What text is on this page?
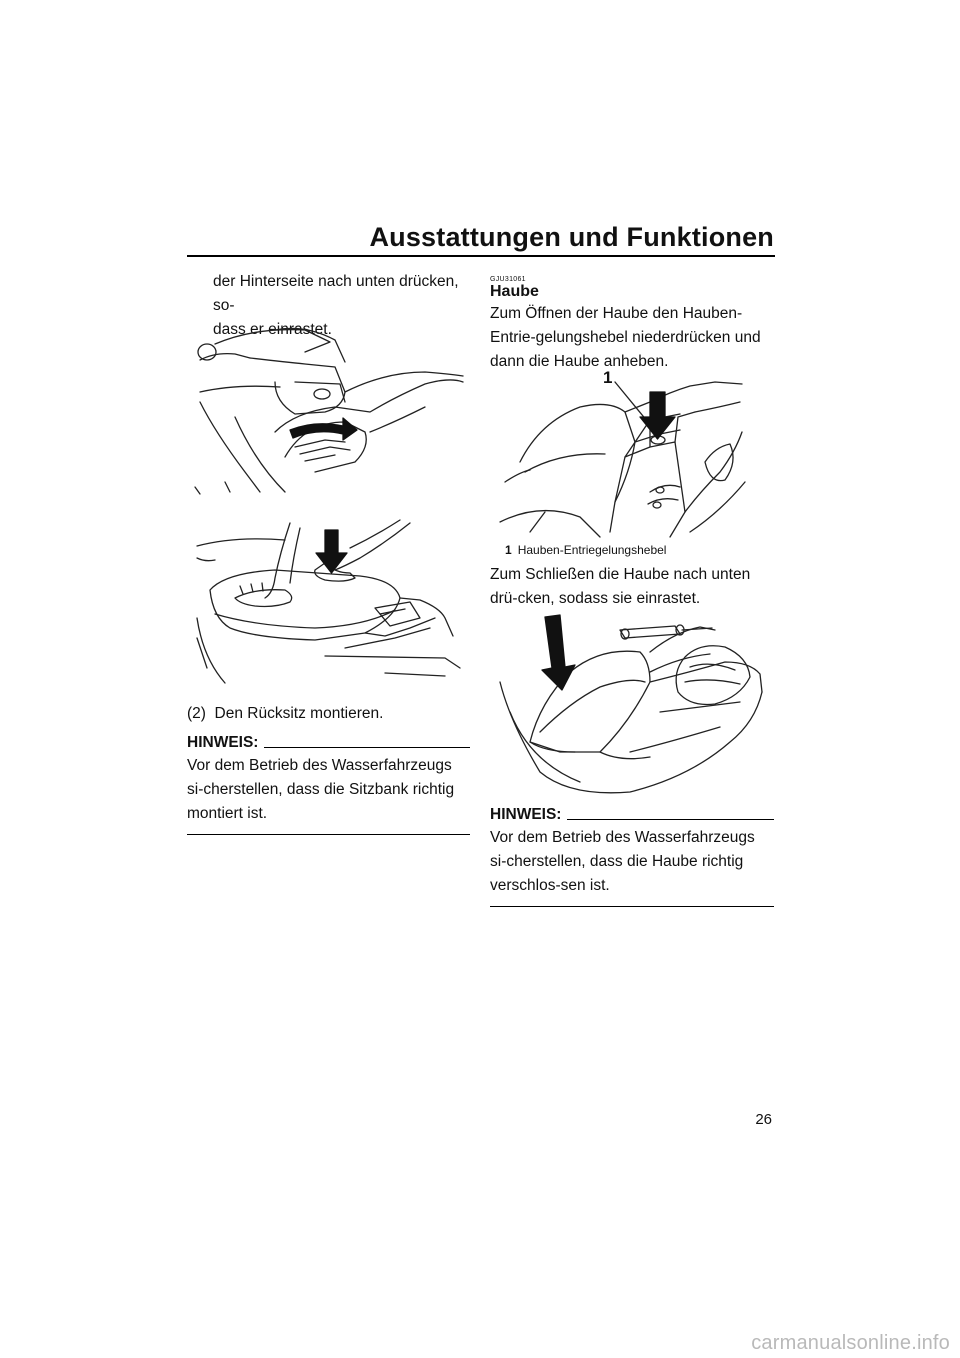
Ausstattungen und Funktionen
der Hinterseite nach unten drücken, so-
dass er einrastet.
(2)  Den Rücksitz montieren.
HINWEIS:
Vor dem Betrieb des Wasserfahrzeugs si-cherstellen, dass die Sitzbank richtig montiert ist.
GJU31061
Haube
Zum Öffnen der Haube den Hauben-Entrie-gelungshebel niederdrücken und dann die Haube anheben.
1
1 Hauben-Entriegelungshebel
Zum Schließen die Haube nach unten drü-cken, sodass sie einrastet.
HINWEIS:
Vor dem Betrieb des Wasserfahrzeugs si-cherstellen, dass die Haube richtig verschlos-sen ist.
26
carmanualsonline.info
